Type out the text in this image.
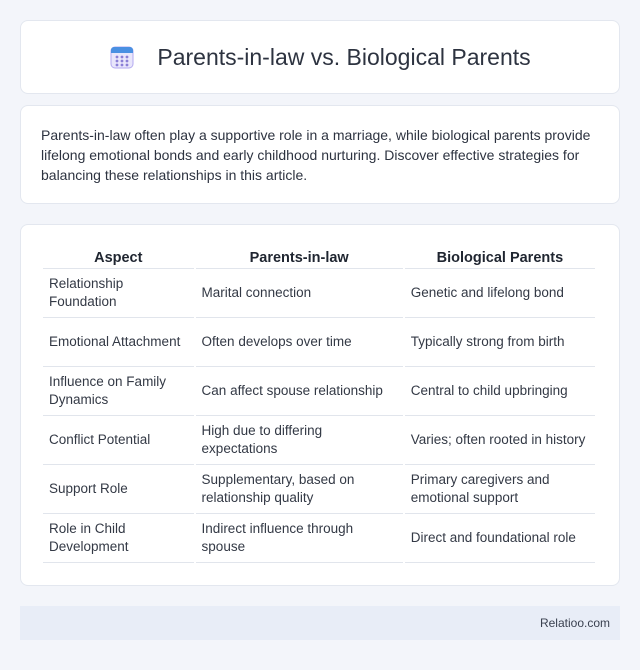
Parents-in-law vs. Biological Parents

Parents-in-law often play a supportive role in a marriage, while biological parents provide lifelong emotional bonds and early childhood nurturing. Discover effective strategies for balancing these relationships in this article.

Aspect	Parents-in-law	Biological Parents
Relationship Foundation	Marital connection	Genetic and lifelong bond
Emotional Attachment	Often develops over time	Typically strong from birth
Influence on Family Dynamics	Can affect spouse relationship	Central to child upbringing
Conflict Potential	High due to differing expectations	Varies; often rooted in history
Support Role	Supplementary, based on relationship quality	Primary caregivers and emotional support
Role in Child Development	Indirect influence through spouse	Direct and foundational role
Relatioo.com
